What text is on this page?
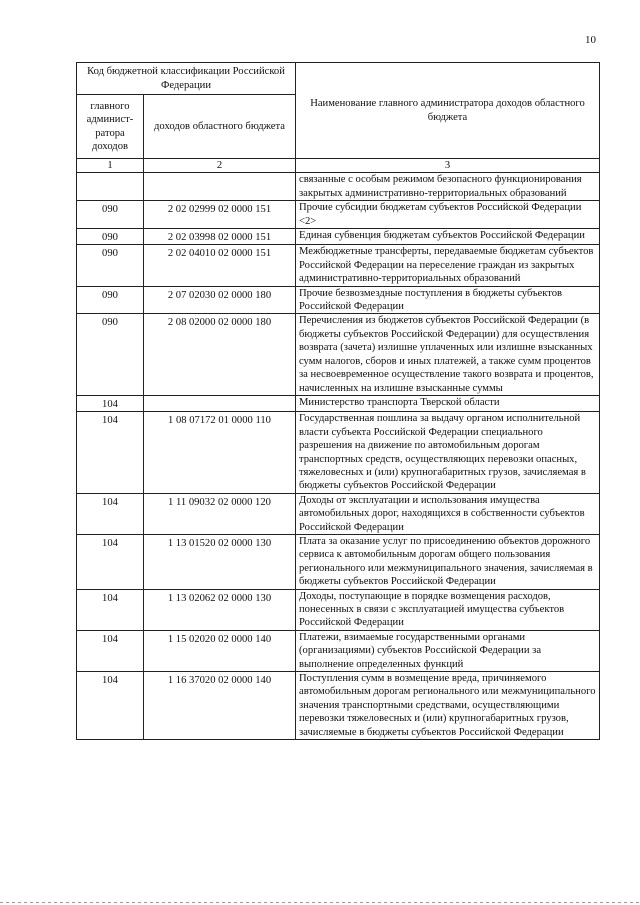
10
Код бюджетной классификации Российской Федерации		Наименование главного администратора доходов областного бюджета
главного админист-ратора доходов	доходов областного бюджета	
1	2	3
		связанные с особым режимом безопасного функционирования закрытых административно-территориальных образований
090	2 02 02999 02 0000 151	Прочие субсидии бюджетам субъектов Российской Федерации <2>
090	2 02 03998 02 0000 151	Единая субвенция бюджетам субъектов Российской Федерации
090	2 02 04010 02 0000 151	Межбюджетные трансферты, передаваемые бюджетам субъектов Российской Федерации на переселение граждан из закрытых административно-территориальных образований
090	2 07 02030 02 0000 180	Прочие безвозмездные поступления в бюджеты субъектов Российской Федерации
090	2 08 02000 02 0000 180	Перечисления из бюджетов субъектов Российской Федерации (в бюджеты субъектов Российской Федерации) для осуществления возврата (зачета) излишне уплаченных или излишне взысканных сумм налогов, сборов и иных платежей, а также сумм процентов за несвоевременное осуществление такого возврата и процентов, начисленных на излишне взысканные суммы
104		Министерство транспорта Тверской области
104	1 08 07172 01 0000 110	Государственная пошлина за выдачу органом исполнительной власти субъекта Российской Федерации специального разрешения на движение по автомобильным дорогам транспортных средств, осуществляющих перевозки опасных, тяжеловесных и (или) крупногабаритных грузов, зачисляемая в бюджеты субъектов Российской Федерации
104	1 11 09032 02 0000 120	Доходы от эксплуатации и использования имущества автомобильных дорог, находящихся в собственности субъектов Российской Федерации
104	1 13 01520 02 0000 130	Плата за оказание услуг по присоединению объектов дорожного сервиса к автомобильным дорогам общего пользования регионального или межмуниципального значения, зачисляемая в бюджеты субъектов Российской Федерации
104	1 13 02062 02 0000 130	Доходы, поступающие в порядке возмещения расходов, понесенных в связи с эксплуатацией имущества субъектов Российской Федерации
104	1 15 02020 02 0000 140	Платежи, взимаемые государственными органами (организациями) субъектов Российской Федерации за выполнение определенных функций
104	1 16 37020 02 0000 140	Поступления сумм в возмещение вреда, причиняемого автомобильным дорогам регионального или межмуниципального значения транспортными средствами, осуществляющими перевозки тяжеловесных и (или) крупногабаритных грузов, зачисляемые в бюджеты субъектов Российской Федерации
